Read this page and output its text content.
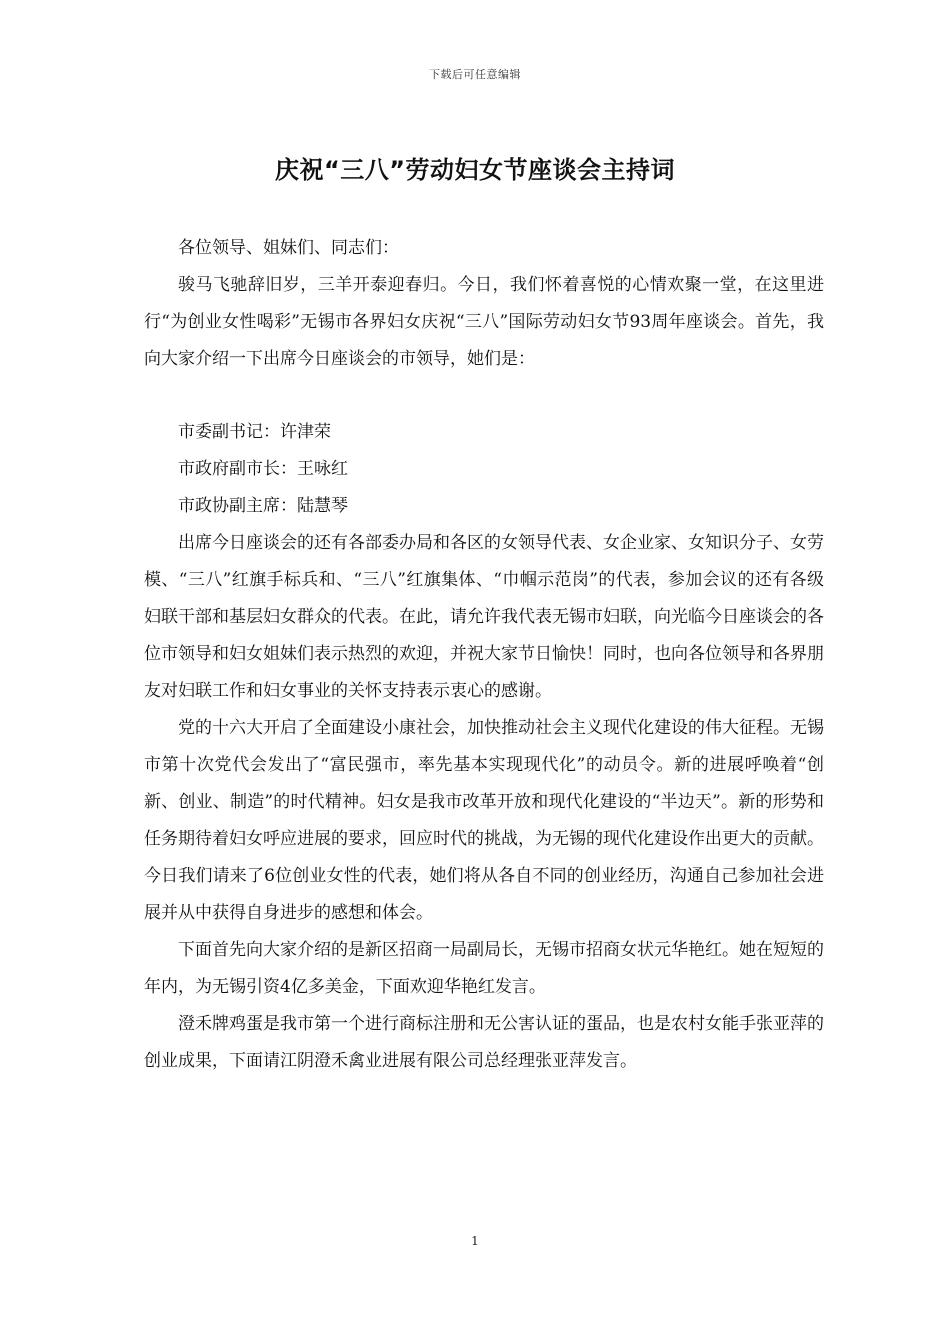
下载后可任意编辑
庆祝“三八”劳动妇女节座谈会主持词

各位领导、姐妹们、同志们：

骏马飞驰辞旧岁，三羊开泰迎春归。今日，我们怀着喜悦的心情欢聚一堂，在这里进行“为创业女性喝彩”无锡市各界妇女庆祝“三八”国际劳动妇女节93周年座谈会。首先，我向大家介绍一下出席今日座谈会的市领导，她们是：

市委副书记：许津荣

市政府副市长：王咏红

市政协副主席：陆慧琴

出席今日座谈会的还有各部委办局和各区的女领导代表、女企业家、女知识分子、女劳模、“三八”红旗手标兵和、“三八”红旗集体、“巾帼示范岗”的代表，参加会议的还有各级妇联干部和基层妇女群众的代表。在此，请允许我代表无锡市妇联，向光临今日座谈会的各位市领导和妇女姐妹们表示热烈的欢迎，并祝大家节日愉快！同时，也向各位领导和各界朋友对妇联工作和妇女事业的关怀支持表示衷心的感谢。

党的十六大开启了全面建设小康社会，加快推动社会主义现代化建设的伟大征程。无锡市第十次党代会发出了“富民强市，率先基本实现现代化”的动员令。新的进展呼唤着“创新、创业、制造”的时代精神。妇女是我市改革开放和现代化建设的“半边天”。新的形势和任务期待着妇女呼应进展的要求，回应时代的挑战，为无锡的现代化建设作出更大的贡献。今日我们请来了6位创业女性的代表，她们将从各自不同的创业经历，沟通自己参加社会进展并从中获得自身进步的感想和体会。

下面首先向大家介绍的是新区招商一局副局长，无锡市招商女状元华艳红。她在短短的年内，为无锡引资4亿多美金，下面欢迎华艳红发言。

澄禾牌鸡蛋是我市第一个进行商标注册和无公害认证的蛋品，也是农村女能手张亚萍的创业成果，下面请江阴澄禾禽业进展有限公司总经理张亚萍发言。

1
